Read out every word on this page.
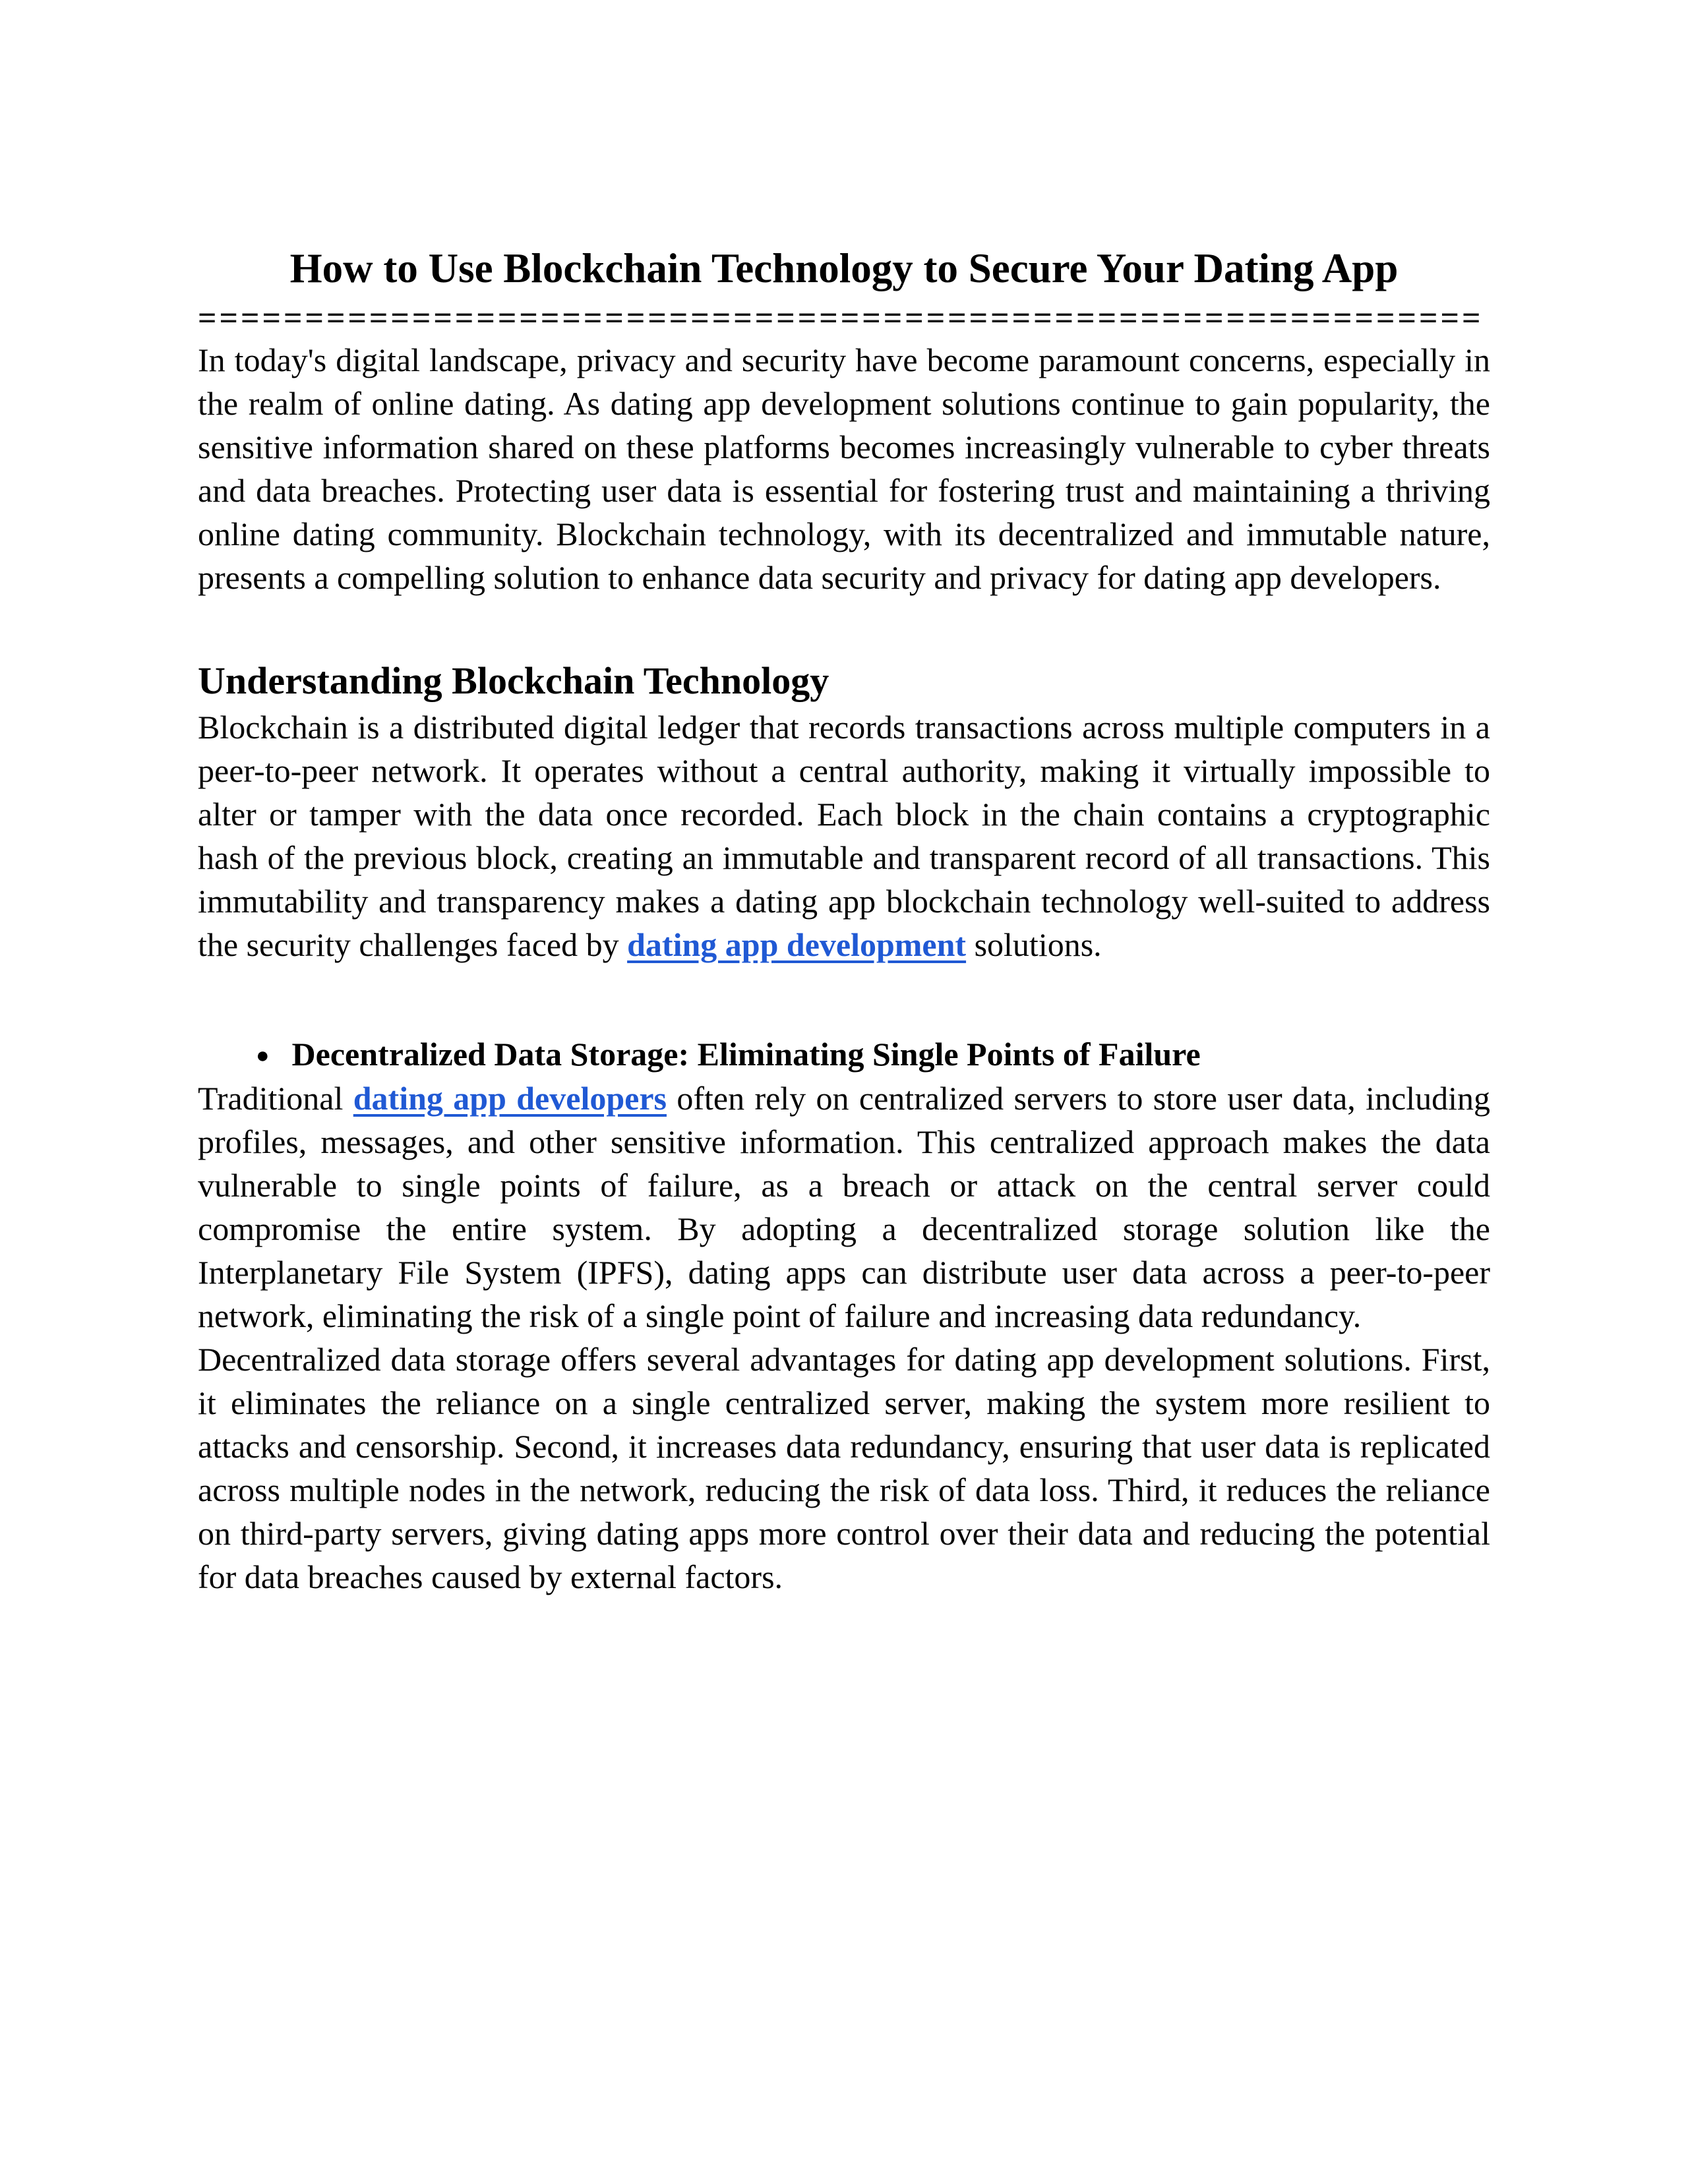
How to Use Blockchain Technology to Secure Your Dating App
============================================================

In today's digital landscape, privacy and security have become paramount concerns, especially in the realm of online dating. As dating app development solutions continue to gain popularity, the sensitive information shared on these platforms becomes increasingly vulnerable to cyber threats and data breaches. Protecting user data is essential for fostering trust and maintaining a thriving online dating community. Blockchain technology, with its decentralized and immutable nature, presents a compelling solution to enhance data security and privacy for dating app developers.

Understanding Blockchain Technology

Blockchain is a distributed digital ledger that records transactions across multiple computers in a peer-to-peer network. It operates without a central authority, making it virtually impossible to alter or tamper with the data once recorded. Each block in the chain contains a cryptographic hash of the previous block, creating an immutable and transparent record of all transactions. This immutability and transparency makes a dating app blockchain technology well-suited to address the security challenges faced by dating app development solutions.

● Decentralized Data Storage: Eliminating Single Points of Failure

Traditional dating app developers often rely on centralized servers to store user data, including profiles, messages, and other sensitive information. This centralized approach makes the data vulnerable to single points of failure, as a breach or attack on the central server could compromise the entire system. By adopting a decentralized storage solution like the Interplanetary File System (IPFS), dating apps can distribute user data across a peer-to-peer network, eliminating the risk of a single point of failure and increasing data redundancy.

Decentralized data storage offers several advantages for dating app development solutions. First, it eliminates the reliance on a single centralized server, making the system more resilient to attacks and censorship. Second, it increases data redundancy, ensuring that user data is replicated across multiple nodes in the network, reducing the risk of data loss. Third, it reduces the reliance on third-party servers, giving dating apps more control over their data and reducing the potential for data breaches caused by external factors.
